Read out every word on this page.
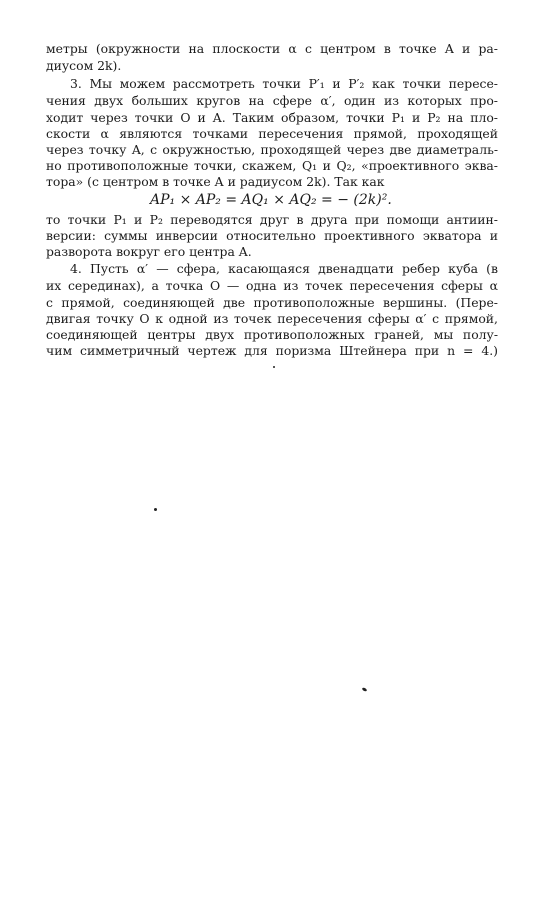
метры (окружности на плоскости α с центром в точке A и ра-
диусом 2k).
3. Мы можем рассмотреть точки P′₁ и P′₂ как точки пересе-
чения двух больших кругов на сфере α′, один из которых про-
ходит через точки O и A. Таким образом, точки P₁ и P₂ на пло-
скости α являются точками пересечения прямой, проходящей
через точку A, с окружностью, проходящей через две диаметраль-
но противоположные точки, скажем, Q₁ и Q₂, «проективного эква-
тора» (с центром в точке A и радиусом 2k). Так как
AP₁ × AP₂ = AQ₁ × AQ₂ = − (2k)².
то точки P₁ и P₂ переводятся друг в друга при помощи антиин-
версии: суммы инверсии относительно проективного экватора и
разворота вокруг его центра A.
4. Пусть α′ — сфера, касающаяся двенадцати ребер куба (в
их серединах), а точка O — одна из точек пересечения сферы α
с прямой, соединяющей две противоположные вершины. (Пере-
двигая точку O к одной из точек пересечения сферы α′ с прямой,
соединяющей центры двух противоположных граней, мы полу-
чим симметричный чертеж для поризма Штейнера при n = 4.)
